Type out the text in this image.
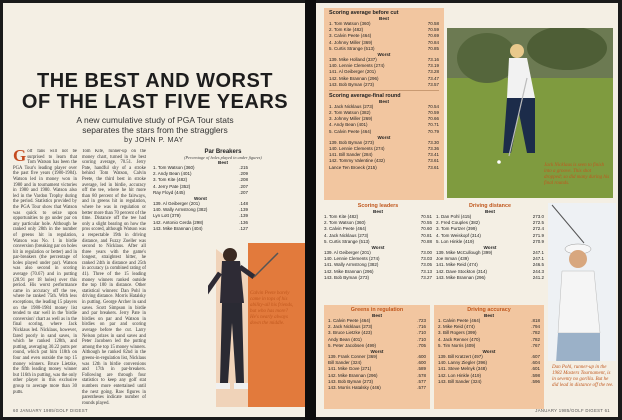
THE BEST AND WORST
OF THE LAST FIVE YEARS
A new cumulative study of PGA Tour stats
separates the stars from the stragglers
by JOHN P. MAY
Golf fans will not be surprised to learn that Tom Watson has been the PGA Tour's leading player over the past five years (1980-1984). Watson led in money won in 1980 and in tournament victories in 1980 and 1980. Watson also led in the Vardon Trophy during the period. Statistics provided by the PGA Tour show that Watson was quick to seize upon opportunities to go under par on any particular hole. Although he ranked only 28th in the number of greens hit in regulation, Watson was No. 1 in birdie conversion (breaking par on holes hit in regulation or better) and in par-breakers (the percentage of holes played under par). Watson was also second in scoring average (70.67) and in putting (28.91 per 18 holes) over this period. His worst performance came in accuracy off the tee, where he ranked 75th. With less exceptions, the leading 15 players on the 1980-1984 money list tended to star well in the 'birdie conversion' chart as well as in the final scoring, where Jack Nicklaus led. Nicklaus, however, fared poorly in sand saves, in which he ranked 128th, and putting, averaging 30.22 putts per round, which put him 118th on four and even outside the top 15 money winners. Bruce Lietzke, the fifth leading money winner but 116th in putting, was the only other player in this exclusive group to average more than 30 putts.
Tom Kite, runner-up on the money chart, turned in the best scoring average, 70.51. Jerry Pate, handful shy of a stroke behind Tom Watson, Calvin Peete, the third best in stroke average, led in birdie, accuracy off the tee, where he hit more than 80 percent of the fairways, and in greens hit in regulation, where he was in regulation or better more than 70 percent of the time. Distance off the tee had only a slight bearing on how the pros scored, although Watson was a respectable 19th in driving distance, and Fuzzy Zoeller was second to Nicklaus. After all three years with the game's longest, straightest hitter, he ranked 24th in distance and 25th in accuracy (a combined rating of 41). Three of the 15 leading money winners ranked outside the top 100 in distance. Other statistical winners: Dan Pohl in driving distance. Morris Hatalsky in putting. George Archer in sand saves. Scott Simpson in birdie and par breakers. Jerry Pate in birdies on par and Watson in birdies on par and scoring average before the cut. Larry Nelson prizes in sand saves and Peter Jacobsen led the putting among the top 15 money winners. Although he ranked 82nd in the greens-in-regulation list, Nicklaus was 12th in birdie conversions and 17th in par-breakers. Following are through four statistics to keep any golf stat numbers more entertained until the next going. Raw figures in parentheses indicate number of rounds played.
Par Breakers
(Percentage of holes played in under figures)
Best
1. Tom Watson (360)	.215
2. Andy Bean (401)	.209
3. Tom Kite (482)	.208
4. Jerry Pate (352)	.207
Ray Floyd (445)	.207
Worst
139. Al Geiberger (201)	.148
140. Wally Armstrong (382)	.139
Lyn Lott (379)	.139
142. Antonio Cerda (298)	.136
143. Mike Brannan (404)	.127
Calvin Peete barely came in tops of his ability-all his friends, but who has more? He's nearly always down the middle.
60 JANUARY 1985/GOLF DIGEST
Scoring average before cut
Best
1. Tom Watson (360)	70.58
2. Tom Kite (482)	70.59
3. Calvin Peete (464)	70.69
4. Johnny Miller (369)	70.84
5. Curtis Strange (513)	70.85
Worst
139. Mike Holland (337)	73.16
140. Lennie Clements (274)	73.19
141. Al Geiberger (201)	73.28
142. Mike Brannan (296)	73.47
143. Bob Byman (273)	73.57
Scoring average-final round
Best
1. Jack Nicklaus (273)	70.54
2. Tom Watson (382)	70.59
3. Johnny Miller (269)	70.66
4. Andy Bean (401)	70.71
5. Calvin Peete (464)	70.79
Worst
139. Bob Byman (273)	73.30
140. Lennie Clements (274)	73.36
141. Bill Sander (284)	73.41
142. Tommy Valentine (432)	73.61
Lance Ten Broeck (215)	73.61	Jack Nicklaus is seen to finish into a groove. This shot dropped; so did many during his final rounds.
Scoring leaders
Best
1. Tom Kite (482)	70.51
2. Tom Watson (360)	70.55
3. Calvin Peete (464)	70.60
4. Jack Nicklaus (273)	70.81
5. Curtis Strange (513)	70.88
Worst
139. Al Geiberger (201)	73.00
140. Lennie Clements (274)	73.03
141. Wally Armstrong (382)	73.05
142. Mike Brannan (296)	73.13
143. Bob Byman (273)	73.27
Driving distance
Best
1. Dan Pohl (415)	273.0
2. Fred Couples (382)	272.5
3. Tom Purtzer (399)	272.4
4. Tom Weiskopf (314)	271.9
5. Lon Hinkle (419)	270.9
Worst
139. Mike McCullough (399)	247.1
Joe Inman (439)	247.1
141. Mike Reid (474)	246.5
142. Dave Stockton (314)	244.3
143. Mike Brannan (296)	241.2
Greens in regulation
Best
1. Calvin Peete (464)	.723
2. Jack Nicklaus (273)	.716
3. Bruce Lietzke (423)	.710
Andy Bean (401)	.710
5. Peter Jacobsen (499)	.705
Worst
139. Frank Conner (369)	.600
Bill Sander (324)	.600
141. Mike Gove (271)	.589
142. Mike Brannan (296)	.578
143. Bob Byman (273)	.577
143. Morris Hatalsky (446)	.577
Driving accuracy
Best
1. Calvin Peete (464)	.818
2. Mike Reid (474)	.794
3. Bill Rogers (399)	.782
4. Jack Renner (470)	.782
5. Tim Norris (409)	.767
Worst
139. Bill Kratzert (497)	.607
140. Lanny Ziegler (396)	.604
141. Steve Melnyk (348)	.601
142. Lon Hinkle (419)	.598
143. Bill Sander (324)	.596
Dan Pohl, runner-up in the 1982 Masters Tournament, is in seventy no gorilla. But he did lead in distance off the tee.
JANUARY 1985/GOLF DIGEST 61
